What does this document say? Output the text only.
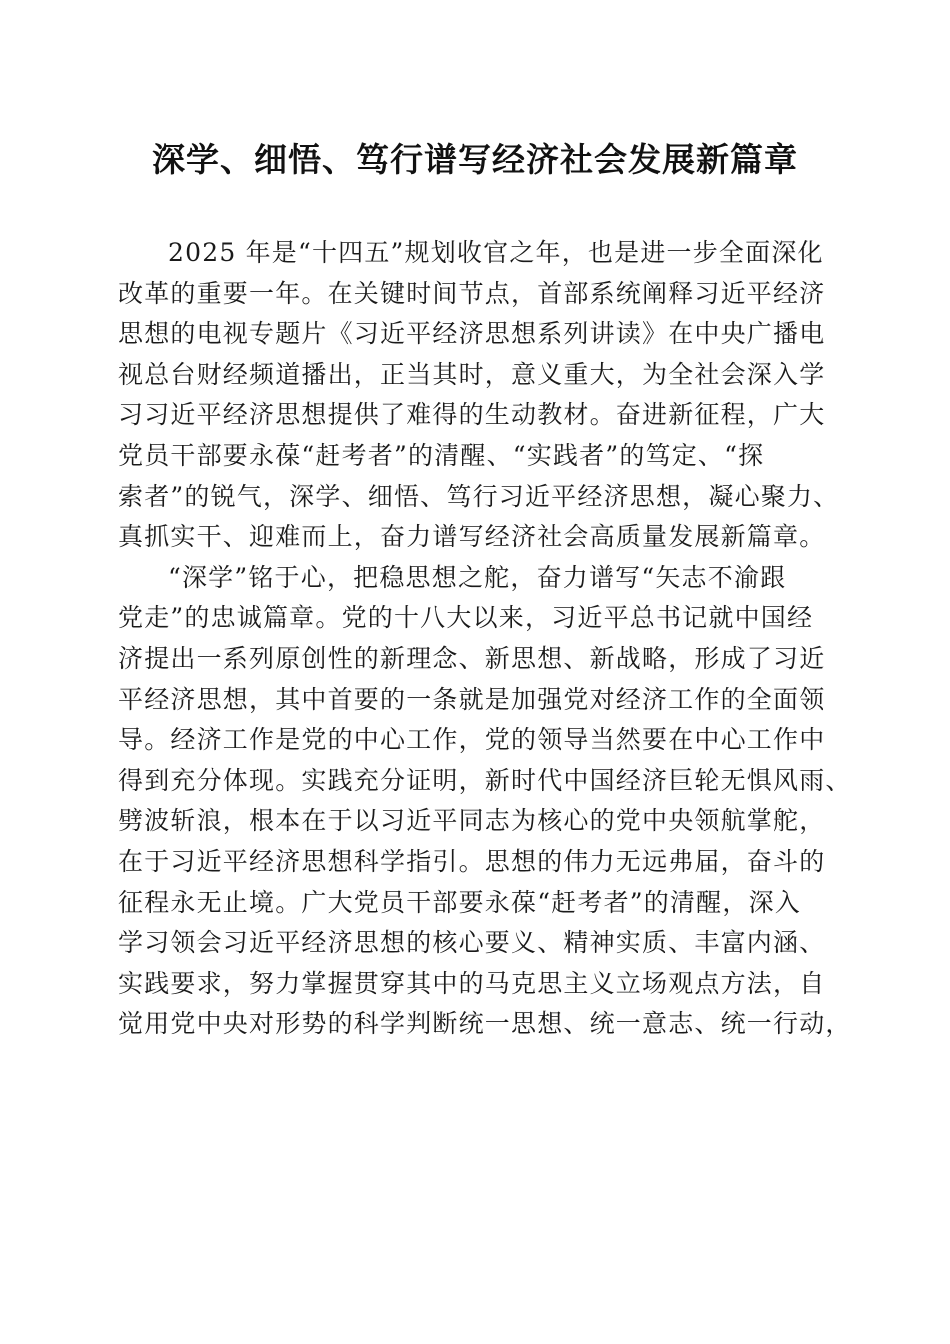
深学、细悟、笃行谱写经济社会发展新篇章
2025 年是“十四五”规划收官之年，也是进一步全面深化
改革的重要一年。在关键时间节点，首部系统阐释习近平经济
思想的电视专题片《习近平经济思想系列讲读》在中央广播电
视总台财经频道播出，正当其时，意义重大，为全社会深入学
习习近平经济思想提供了难得的生动教材。奋进新征程，广大
党员干部要永葆“赶考者”的清醒、“实践者”的笃定、“探
索者”的锐气，深学、细悟、笃行习近平经济思想，凝心聚力、
真抓实干、迎难而上，奋力谱写经济社会高质量发展新篇章。
“深学”铭于心，把稳思想之舵，奋力谱写“矢志不渝跟
党走”的忠诚篇章。党的十八大以来，习近平总书记就中国经
济提出一系列原创性的新理念、新思想、新战略，形成了习近
平经济思想，其中首要的一条就是加强党对经济工作的全面领
导。经济工作是党的中心工作，党的领导当然要在中心工作中
得到充分体现。实践充分证明，新时代中国经济巨轮无惧风雨、
劈波斩浪，根本在于以习近平同志为核心的党中央领航掌舵，
在于习近平经济思想科学指引。思想的伟力无远弗届，奋斗的
征程永无止境。广大党员干部要永葆“赶考者”的清醒，深入
学习领会习近平经济思想的核心要义、精神实质、丰富内涵、
实践要求，努力掌握贯穿其中的马克思主义立场观点方法，自
觉用党中央对形势的科学判断统一思想、统一意志、统一行动，
